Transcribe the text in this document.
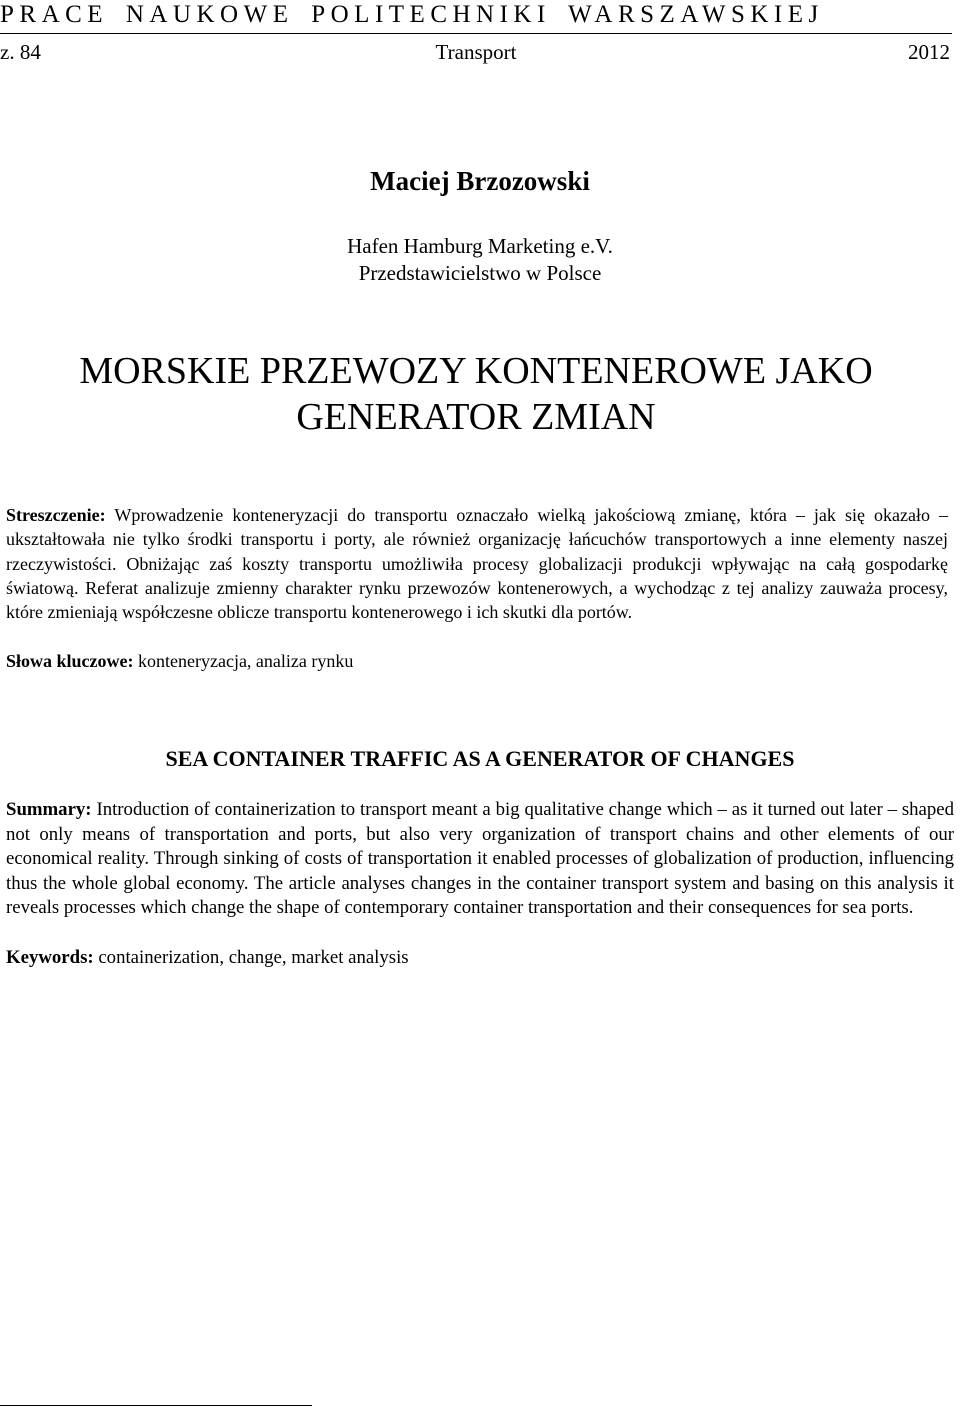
PRACE NAUKOWE POLITECHNIKI WARSZAWSKIEJ
z. 84	Transport	2012
Maciej Brzozowski
Hafen Hamburg Marketing e.V.
Przedstawicielstwo w Polsce
MORSKIE PRZEWOZY KONTENEROWE JAKO
GENERATOR ZMIAN
Streszczenie: Wprowadzenie konteneryzacji do transportu oznaczało wielką jakościową zmianę, która – jak się okazało – ukształtowała nie tylko środki transportu i porty, ale również organizację łańcuchów transportowych a inne elementy naszej rzeczywistości. Obniżając zaś koszty transportu umożliwiła procesy globalizacji produkcji wpływając na całą gospodarkę światową. Referat analizuje zmienny charakter rynku przewozów kontenerowych, a wychodząc z tej analizy zauważa procesy, które zmieniają współczesne oblicze transportu kontenerowego i ich skutki dla portów.
Słowa kluczowe: konteneryzacja, analiza rynku
SEA CONTAINER TRAFFIC AS A GENERATOR OF CHANGES
Summary: Introduction of containerization to transport meant a big qualitative change which – as it turned out later – shaped not only means of transportation and ports, but also very organization of transport chains and other elements of our economical reality. Through sinking of costs of transportation it enabled processes of globalization of production, influencing thus the whole global economy. The article analyses changes in the container transport system and basing on this analysis it reveals processes which change the shape of contemporary container transportation and their consequences for sea ports.
Keywords: containerization, change, market analysis
